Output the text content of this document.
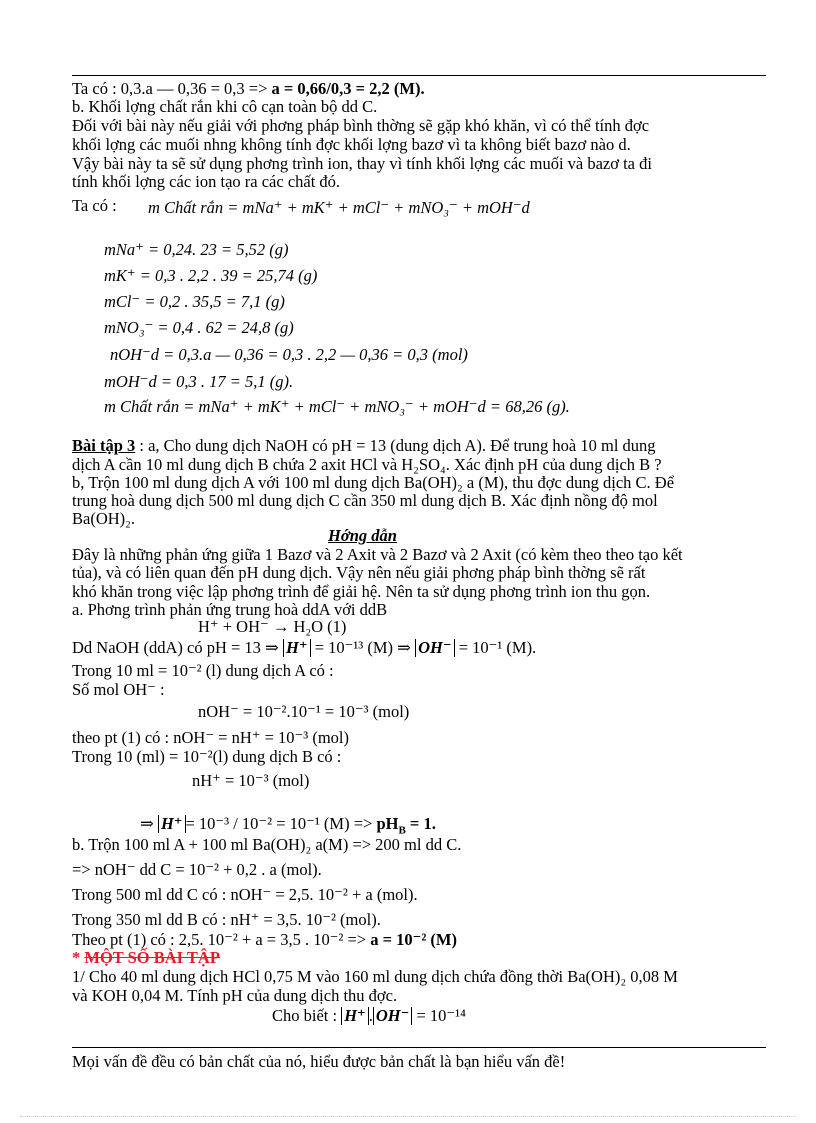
Ta có : 0,3.a — 0,36 = 0,3 => a = 0,66/0,3 = 2,2 (M).
b. Khối lợng chất rắn khi cô cạn toàn bộ dd C.
Đối với bài này nếu giải với phơng pháp bình thờng sẽ gặp khó khăn, vì có thể tính đợc
khối lợng các muối nhng không tính đợc khối lợng bazơ vì ta không biết bazơ nào d.
Vậy bài này ta sẽ sử dụng phơng trình ion, thay vì tính khối lợng các muối và bazơ ta đi
tính khối lợng các ion tạo ra các chất đó.
Ta có : m Chất rắn = mNa⁺ + mK⁺ + mCl⁻ + mNO₃⁻ + mOH⁻d
mNa⁺ = 0,24. 23 = 5,52 (g)
mK⁺ = 0,3 . 2,2 . 39 = 25,74 (g)
mCl⁻ = 0,2 . 35,5 = 7,1 (g)
mNO₃⁻ = 0,4 . 62 = 24,8 (g)
nOH⁻d = 0,3.a — 0,36 = 0,3 . 2,2 — 0,36 = 0,3 (mol)
mOH⁻d = 0,3 . 17 = 5,1 (g).
m Chất rắn = mNa⁺ + mK⁺ + mCl⁻ + mNO₃⁻ + mOH⁻d = 68,26 (g).
Bài tập 3 : a, Cho dung dịch NaOH có pH = 13 (dung dịch A). Để trung hoà 10 ml dung
dịch A cần 10 ml dung dịch B chứa 2 axit HCl và H₂SO₄. Xác định pH của dung dịch B ?
b, Trộn 100 ml dung dịch A với 100 ml dung dịch Ba(OH)₂ a (M), thu đợc dung dịch C. Để
trung hoà dung dịch 500 ml dung dịch C cần 350 ml dung dịch B. Xác định nồng độ mol
Ba(OH)₂.
Hớng dẫn
Đây là những phản ứng giữa 1 Bazơ và 2 Axit và 2 Bazơ và 2 Axit (có kèm theo theo tạo kết
tủa), và có liên quan đến pH dung dịch. Vậy nên nếu giải phơng pháp bình thờng sẽ rất
khó khăn trong việc lập phơng trình để giải hệ. Nên ta sử dụng phơng trình ion thu gọn.
a. Phơng trình phản ứng trung hoà ddA với ddB
H⁺ + OH⁻ → H₂O (1)
Dd NaOH (ddA) có pH = 13 ⇒ H⁺ = 10⁻¹³ (M) ⇒ OH⁻ = 10⁻¹ (M).
Trong 10 ml = 10⁻² (l) dung dịch A có :
Số mol OH⁻ :
nOH⁻ = 10⁻².10⁻¹ = 10⁻³ (mol)
theo pt (1) có : nOH⁻ = nH⁺ = 10⁻³ (mol)
Trong 10 (ml) = 10⁻²(l) dung dịch B có :
nH⁺ = 10⁻³ (mol)
⇒ H⁺ = 10⁻³ / 10⁻² = 10⁻¹ $(M) => pH_B = 1$.
b. Trộn 100 ml A + 100 ml Ba(OH)₂ a(M) => 200 ml dd C.
=> nOH⁻ dd C = 10⁻² + 0,2 . a (mol).
Trong 500 ml dd C có : nOH⁻ = 2,5. 10⁻² + a (mol).
Trong 350 ml dd B có : nH⁺ = 3,5. 10⁻² (mol).
Theo pt (1) có : 2,5. 10⁻² + a = 3,5 . 10⁻² => a = 10⁻² (M)
* MỘT SỐ BÀI TẬP
1/ Cho 40 ml dung dịch HCl 0,75 M vào 160 ml dung dịch chứa đồng thời Ba(OH)₂ 0,08 M
và KOH 0,04 M. Tính pH của dung dịch thu đợc.
Cho biết : H⁺ . OH⁻ = 10⁻¹⁴
Mọi vấn đề đều có bản chất của nó, hiểu được bản chất là bạn hiểu vấn đề!
